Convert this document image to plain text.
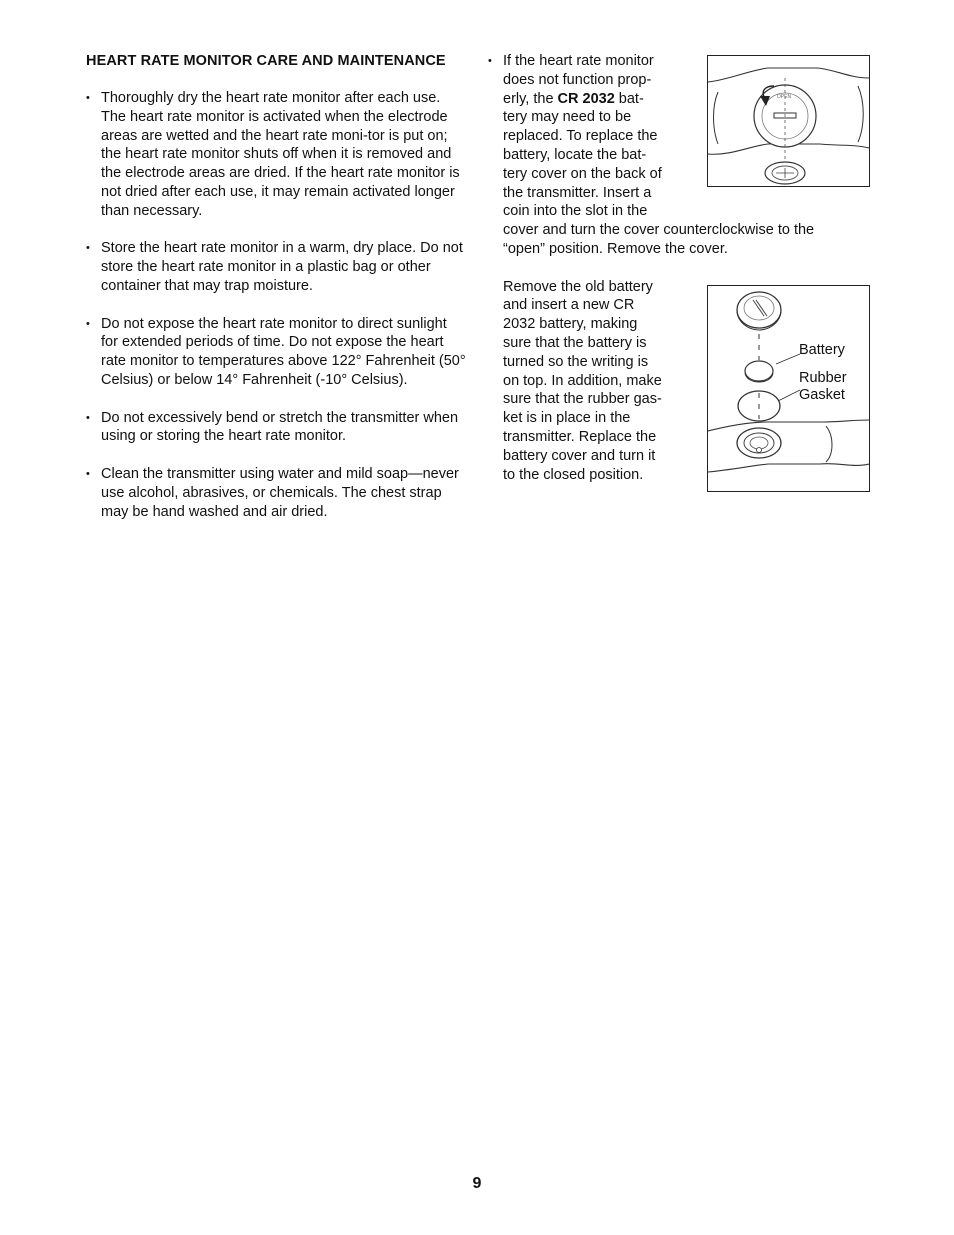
HEART RATE MONITOR CARE AND MAINTENANCE
• Thoroughly dry the heart rate monitor after each use. The heart rate monitor is activated when the electrode areas are wetted and the heart rate moni-tor is put on; the heart rate monitor shuts off when it is removed and the electrode areas are dried. If the heart rate monitor is not dried after each use, it may remain activated longer than necessary.
• Store the heart rate monitor in a warm, dry place. Do not store the heart rate monitor in a plastic bag or other container that may trap moisture.
• Do not expose the heart rate monitor to direct sunlight for extended periods of time. Do not expose the heart rate monitor to temperatures above 122° Fahrenheit (50° Celsius) or below 14° Fahrenheit (-10° Celsius).
• Do not excessively bend or stretch the transmitter when using or storing the heart rate monitor.
• Clean the transmitter using water and mild soap—never use alcohol, abrasives, or chemicals. The chest strap may be hand washed and air dried.
• If the heart rate monitor
does not function prop-
erly, the CR 2032 bat-
tery may need to be
replaced. To replace the
battery, locate the bat-
tery cover on the back of
the transmitter. Insert a
coin into the slot in the
cover and turn the cover counterclockwise to the
“open” position. Remove the cover.
Remove the old battery
and insert a new CR
2032 battery, making
sure that the battery is
turned so the writing is
on top. In addition, make
sure that the rubber gas-
ket is in place in the
transmitter. Replace the
battery cover and turn it
to the closed position.
OPEN
Battery
Rubber
Gasket
9
